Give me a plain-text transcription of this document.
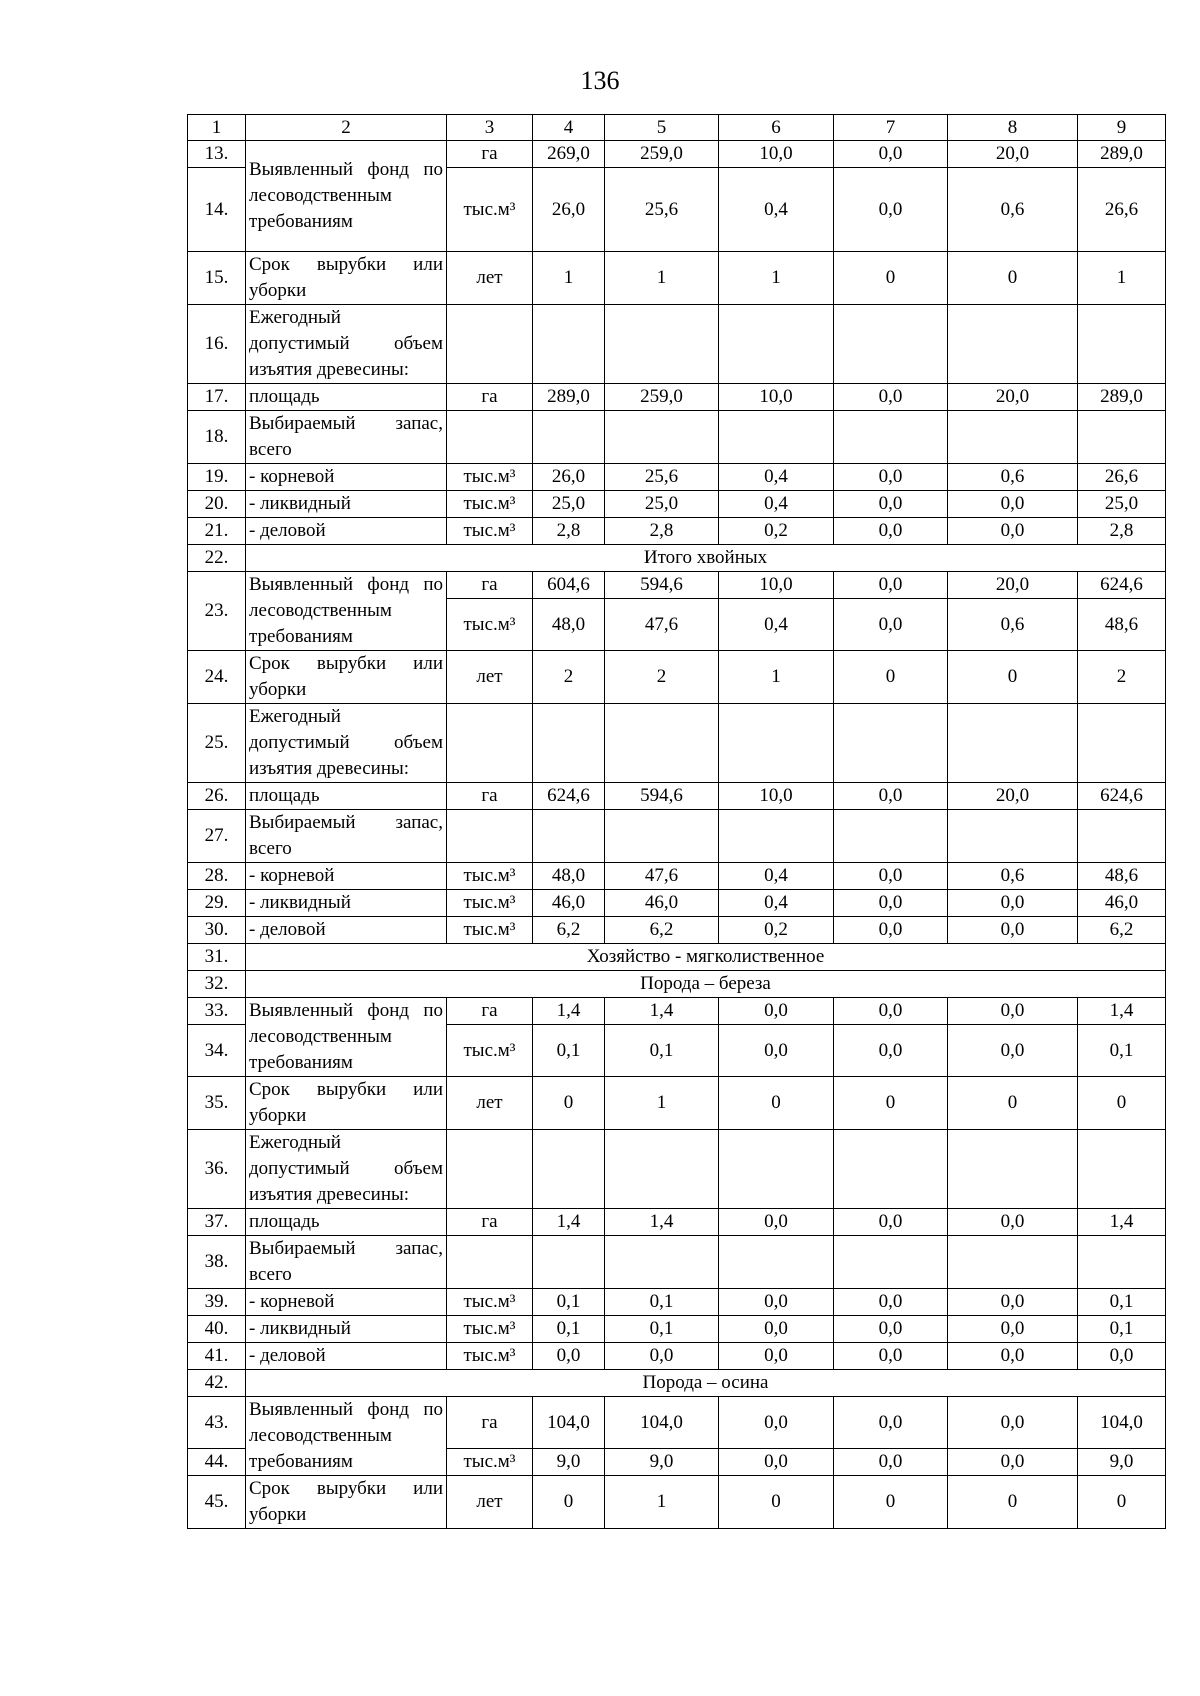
136
1	2	3	4	5	6	7	8	9
13.	Выявленный фонд по лесоводственным требованиям	га	269,0	259,0	10,0	0,0	20,0	289,0
14.		тыс.м³	26,0	25,6	0,4	0,0	0,6	26,6
15.	Срок вырубки или уборки	лет	1	1	1	0	0	1
16.	Ежегодный допустимый объем изъятия древесины:							
17.	площадь	га	289,0	259,0	10,0	0,0	20,0	289,0
18.	Выбираемый запас, всего							
19.	- корневой	тыс.м³	26,0	25,6	0,4	0,0	0,6	26,6
20.	- ликвидный	тыс.м³	25,0	25,0	0,4	0,0	0,0	25,0
21.	- деловой	тыс.м³	2,8	2,8	0,2	0,0	0,0	2,8
22.	Итого хвойных							
23.	Выявленный фонд по лесоводственным требованиям	га	604,6	594,6	10,0	0,0	20,0	624,6
		тыс.м³	48,0	47,6	0,4	0,0	0,6	48,6
24.	Срок вырубки или уборки	лет	2	2	1	0	0	2
25.	Ежегодный допустимый объем изъятия древесины:							
26.	площадь	га	624,6	594,6	10,0	0,0	20,0	624,6
27.	Выбираемый запас, всего							
28.	- корневой	тыс.м³	48,0	47,6	0,4	0,0	0,6	48,6
29.	- ликвидный	тыс.м³	46,0	46,0	0,4	0,0	0,0	46,0
30.	- деловой	тыс.м³	6,2	6,2	0,2	0,0	0,0	6,2
31.	Хозяйство - мягколиственное							
32.	Порода – береза							
33.	Выявленный фонд по лесоводственным требованиям	га	1,4	1,4	0,0	0,0	0,0	1,4
34.		тыс.м³	0,1	0,1	0,0	0,0	0,0	0,1
35.	Срок вырубки или уборки	лет	0	1	0	0	0	0
36.	Ежегодный допустимый объем изъятия древесины:							
37.	площадь	га	1,4	1,4	0,0	0,0	0,0	1,4
38.	Выбираемый запас, всего							
39.	- корневой	тыс.м³	0,1	0,1	0,0	0,0	0,0	0,1
40.	- ликвидный	тыс.м³	0,1	0,1	0,0	0,0	0,0	0,1
41.	- деловой	тыс.м³	0,0	0,0	0,0	0,0	0,0	0,0
42.	Порода – осина							
43.	Выявленный фонд по лесоводственным требованиям	га	104,0	104,0	0,0	0,0	0,0	104,0
44.		тыс.м³	9,0	9,0	0,0	0,0	0,0	9,0
45.	Срок вырубки или уборки	лет	0	1	0	0	0	0
